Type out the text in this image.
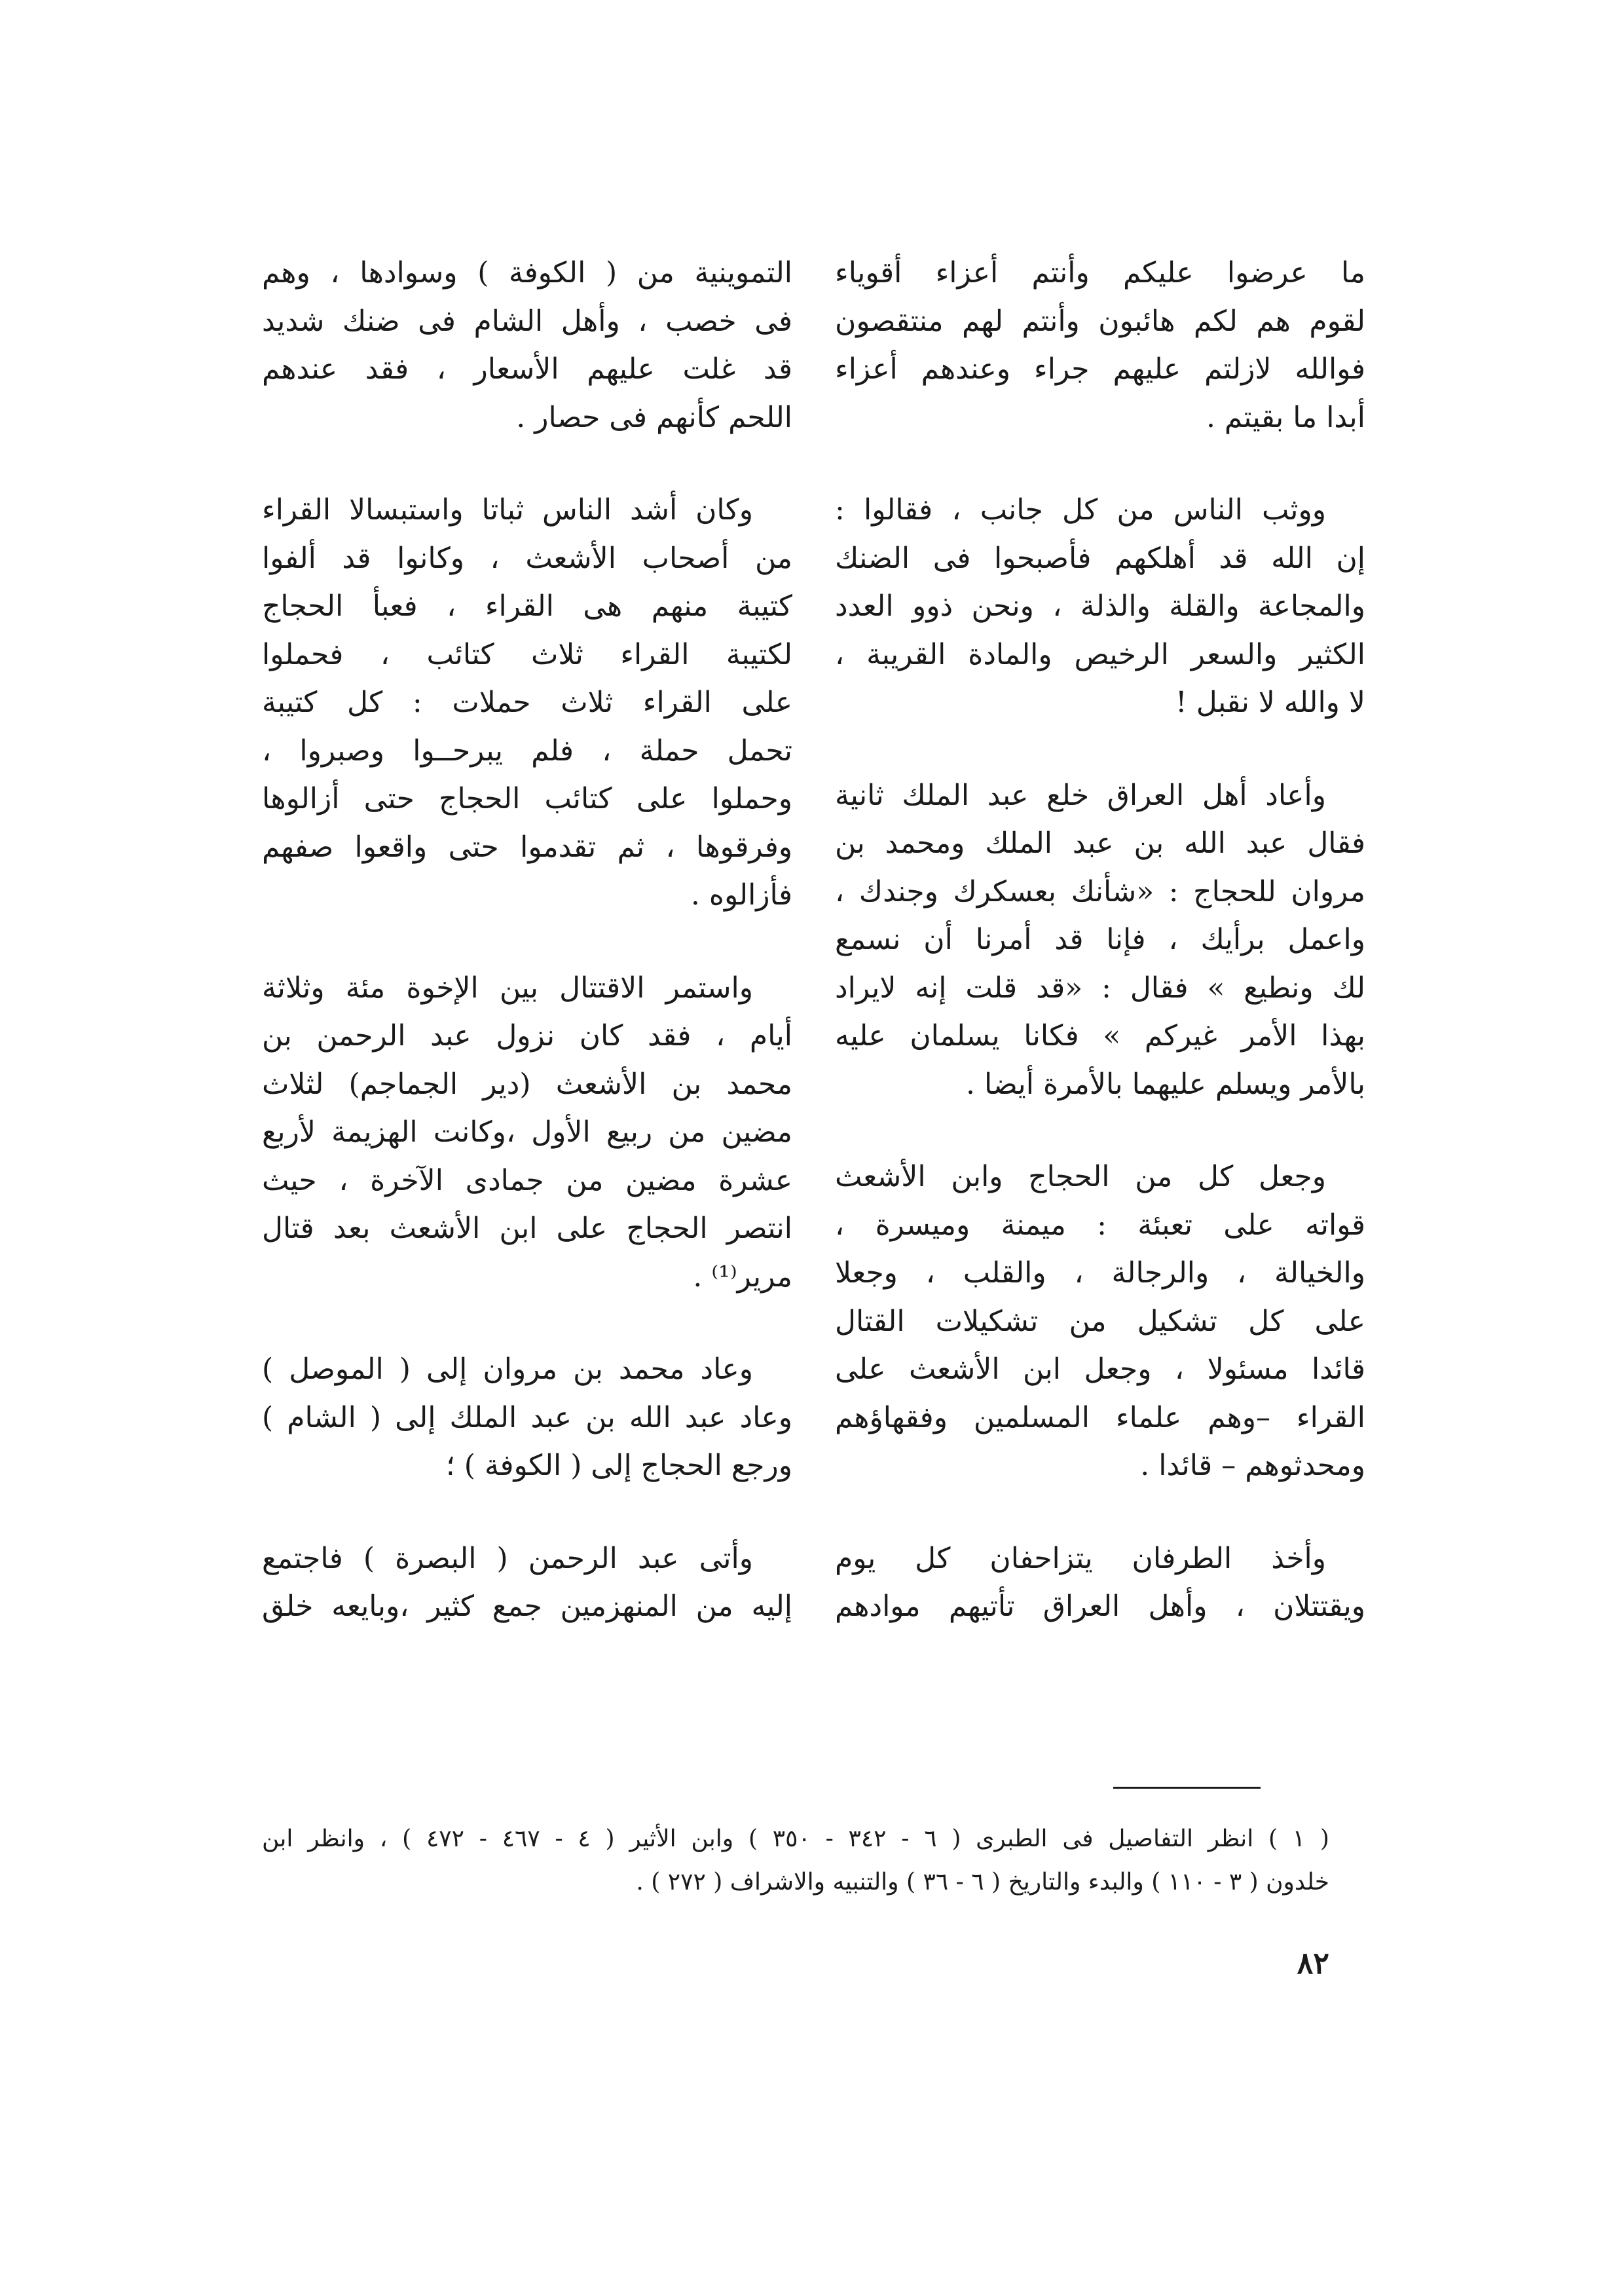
ما عرضوا عليكم وأنتم أعزاء أقوياء
لقوم هم لكم هائبون وأنتم لهم منتقصون
فوالله لازلتم عليهم جراء وعندهم أعزاء
أبدا ما بقيتم .

ووثب الناس من كل جانب ، فقالوا :
إن الله قد أهلكهم فأصبحوا فى الضنك
والمجاعة والقلة والذلة ، ونحن ذوو العدد
الكثير والسعر الرخيص والمادة القريبة ،
لا والله لا نقبل !

وأعاد أهل العراق خلع عبد الملك ثانية
فقال عبد الله بن عبد الملك ومحمد بن
مروان للحجاج : «شأنك بعسكرك وجندك ،
واعمل برأيك ، فإنا قد أمرنا أن نسمع
لك ونطيع » فقال : «قد قلت إنه لايراد
بهذا الأمر غيركم » فكانا يسلمان عليه
بالأمر ويسلم عليهما بالأمرة أيضا .

وجعل كل من الحجاج وابن الأشعث
قواته على تعبئة : ميمنة وميسرة ،
والخيالة ، والرجالة ، والقلب ، وجعلا
على كل تشكيل من تشكيلات القتال
قائدا مسئولا ، وجعل ابن الأشعث على
القراء –وهم علماء المسلمين وفقهاؤهم
ومحدثوهم – قائدا .

وأخذ الطرفان يتزاحفان كل يوم
ويقتتلان ، وأهل العراق تأتيهم موادهم

التموينية من ( الكوفة ) وسوادها ، وهم
فى خصب ، وأهل الشام فى ضنك شديد
قد غلت عليهم الأسعار ، فقد عندهم
اللحم كأنهم فى حصار .

وكان أشد الناس ثباتا واستبسالا القراء
من أصحاب الأشعث ، وكانوا قد ألفوا
كتيبة منهم هى القراء ، فعبأ الحجاج
لكتيبة القراء ثلاث كتائب ، فحملوا
على القراء ثلاث حملات : كل كتيبة
تحمل حملة ، فلم يبرحــوا وصبروا ،
وحملوا على كتائب الحجاج حتى أزالوها
وفرقوها ، ثم تقدموا حتى واقعوا صفهم
فأزالوه .

واستمر الاقتتال بين الإخوة مئة وثلاثة
أيام ، فقد كان نزول عبد الرحمن بن
محمد بن الأشعث (دير الجماجم) لثلاث
مضين من ربيع الأول ،وكانت الهزيمة لأربع
عشرة مضين من جمادى الآخرة ، حيث
انتصر الحجاج على ابن الأشعث بعد قتال
مرير⁽¹⁾ .

وعاد محمد بن مروان إلى ( الموصل )
وعاد عبد الله بن عبد الملك إلى ( الشام )
ورجع الحجاج إلى ( الكوفة ) ؛

وأتى عبد الرحمن ( البصرة ) فاجتمع
إليه من المنهزمين جمع كثير ،وبايعه خلق

( ١ ) انظر التفاصيل فى الطبرى ( ٦ - ٣٤٢ - ٣٥٠ ) وابن الأثير ( ٤ - ٤٦٧ - ٤٧٢ ) ، وانظر ابن
خلدون ( ٣ - ١١٠ ) والبدء والتاريخ ( ٦ - ٣٦ ) والتنبيه والاشراف ( ٢٧٢ ) .
٨٢
